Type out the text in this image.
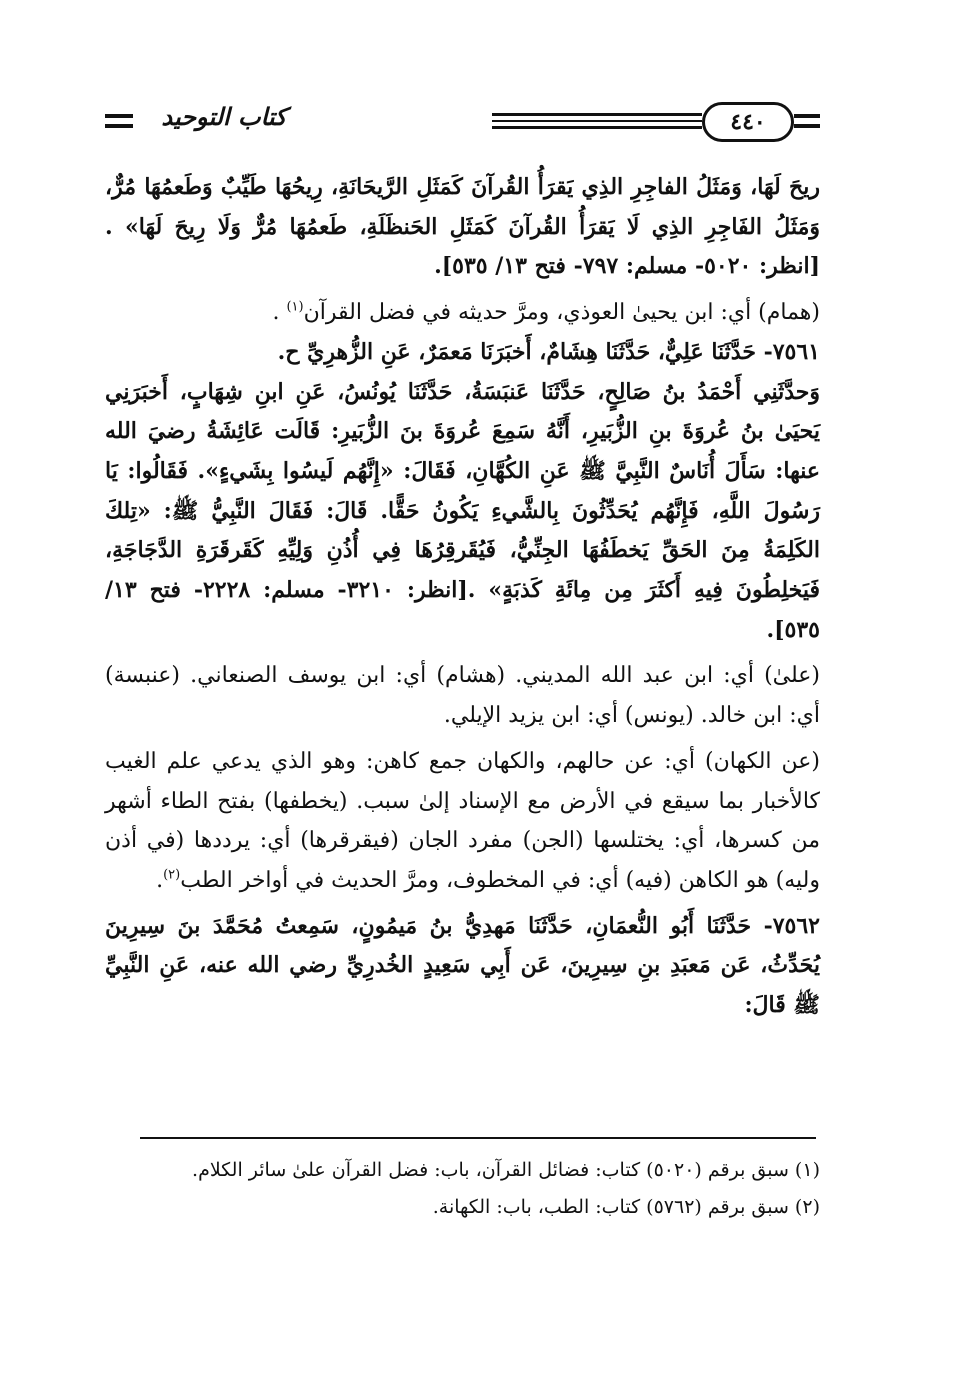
٤٤٠
كتاب التوحيد

ريحَ لَهَا، وَمَثَلُ الفاجِرِ الذِي يَقرَأُ القُرآنَ كَمَثَلِ الرَّيحَانَةِ، رِيحُهَا طَيِّبٌ وَطَعمُهَا مُرٌّ، وَمَثَلُ الفَاجِرِ الذِي لَا يَقرَأُ القُرآنَ كَمَثَلِ الحَنظَلَةِ، طَعمُهَا مُرٌّ وَلَا رِيحَ لَهَا» .[انظر: ٥٠٢٠- مسلم: ٧٩٧- فتح ١٣/ ٥٣٥].

(همام) أي: ابن يحيىٰ العوذي، ومرَّ حديثه في فضل القرآن$^{(١)}$ .

٧٥٦١- حَدَّثَنَا عَلِيٌّ، حَدَّثَنَا هِشَامٌ، أَخبَرَنَا مَعمَرٌ، عَنِ الزُّهرِيِّ ح.

وَحدَّثَنِي أَحْمَدُ بنُ صَالِحٍ، حَدَّثَنَا عَنبَسَةُ، حَدَّثَنَا يُونُسُ، عَنِ ابنِ شِهَابٍ، أَخبَرَنِي يَحيَىٰ بنُ عُروَةَ بنِ الزُّبَيرِ، أَنَّهُ سَمِعَ عُروَةَ بنَ الزُّبَيرِ: قَالَت عَائِشَةُ رضيَ الله عنها: سَأَلَ أُنَاسٌ النَّبِيَّ ﷺ عَنِ الكُهَّانِ، فَقَالَ: «إِنَّهُم لَيسُوا بِشَيءٍ». فَقَالُوا: يَا رَسُولَ اللَّهِ، فَإِنَّهُم يُحَدِّثُونَ بِالشَّيءِ يَكُونُ حَقًّا. قَالَ: فَقَالَ النَّبِيُّ ﷺ: «تِلكَ الكَلِمَةُ مِنَ الحَقِّ يَخطَفُهَا الجِنِّيُّ، فَيُقَرقِرُهَا فِي أُذُنِ وَلِيِّهِ كَقَرقَرَةِ الدَّجَاجَةِ، فَيَخلِطُونَ فِيهِ أَكثَرَ مِن مِائَةِ كَذبَةٍ» .[انظر: ٣٢١٠- مسلم: ٢٢٢٨- فتح ١٣/ ٥٣٥].

(علىٰ) أي: ابن عبد الله المديني. (هشام) أي: ابن يوسف الصنعاني. (عنبسة) أي: ابن خالد. (يونس) أي: ابن يزيد الإيلي.

(عن الكهان) أي: عن حالهم، والكهان جمع كاهن: وهو الذي يدعي علم الغيب كالأخبار بما سيقع في الأرض مع الإسناد إلىٰ سبب. (يخطفها) بفتح الطاء أشهر من كسرها، أي: يختلسها (الجن) مفرد الجان (فيقرقرها) أي: يرددها (في أذن وليه) هو الكاهن (فيه) أي: في المخطوف، ومرَّ الحديث في أواخر الطب$^{(٢)}$.

٧٥٦٢- حَدَّثَنَا أَبُو النُّعمَانِ، حَدَّثَنَا مَهدِيُّ بنُ مَيمُونٍ، سَمِعتُ مُحَمَّدَ بنَ سِيرِينَ يُحَدِّثُ، عَن مَعبَدِ بنِ سِيرِينَ، عَن أَبِي سَعِيدٍ الخُدرِيِّ رضي الله عنه، عَنِ النَّبِيِّ ﷺ قَالَ:

(١) سبق برقم (٥٠٢٠) كتاب: فضائل القرآن، باب: فضل القرآن علىٰ سائر الكلام.

(٢) سبق برقم (٥٧٦٢) كتاب: الطب، باب: الكهانة.
